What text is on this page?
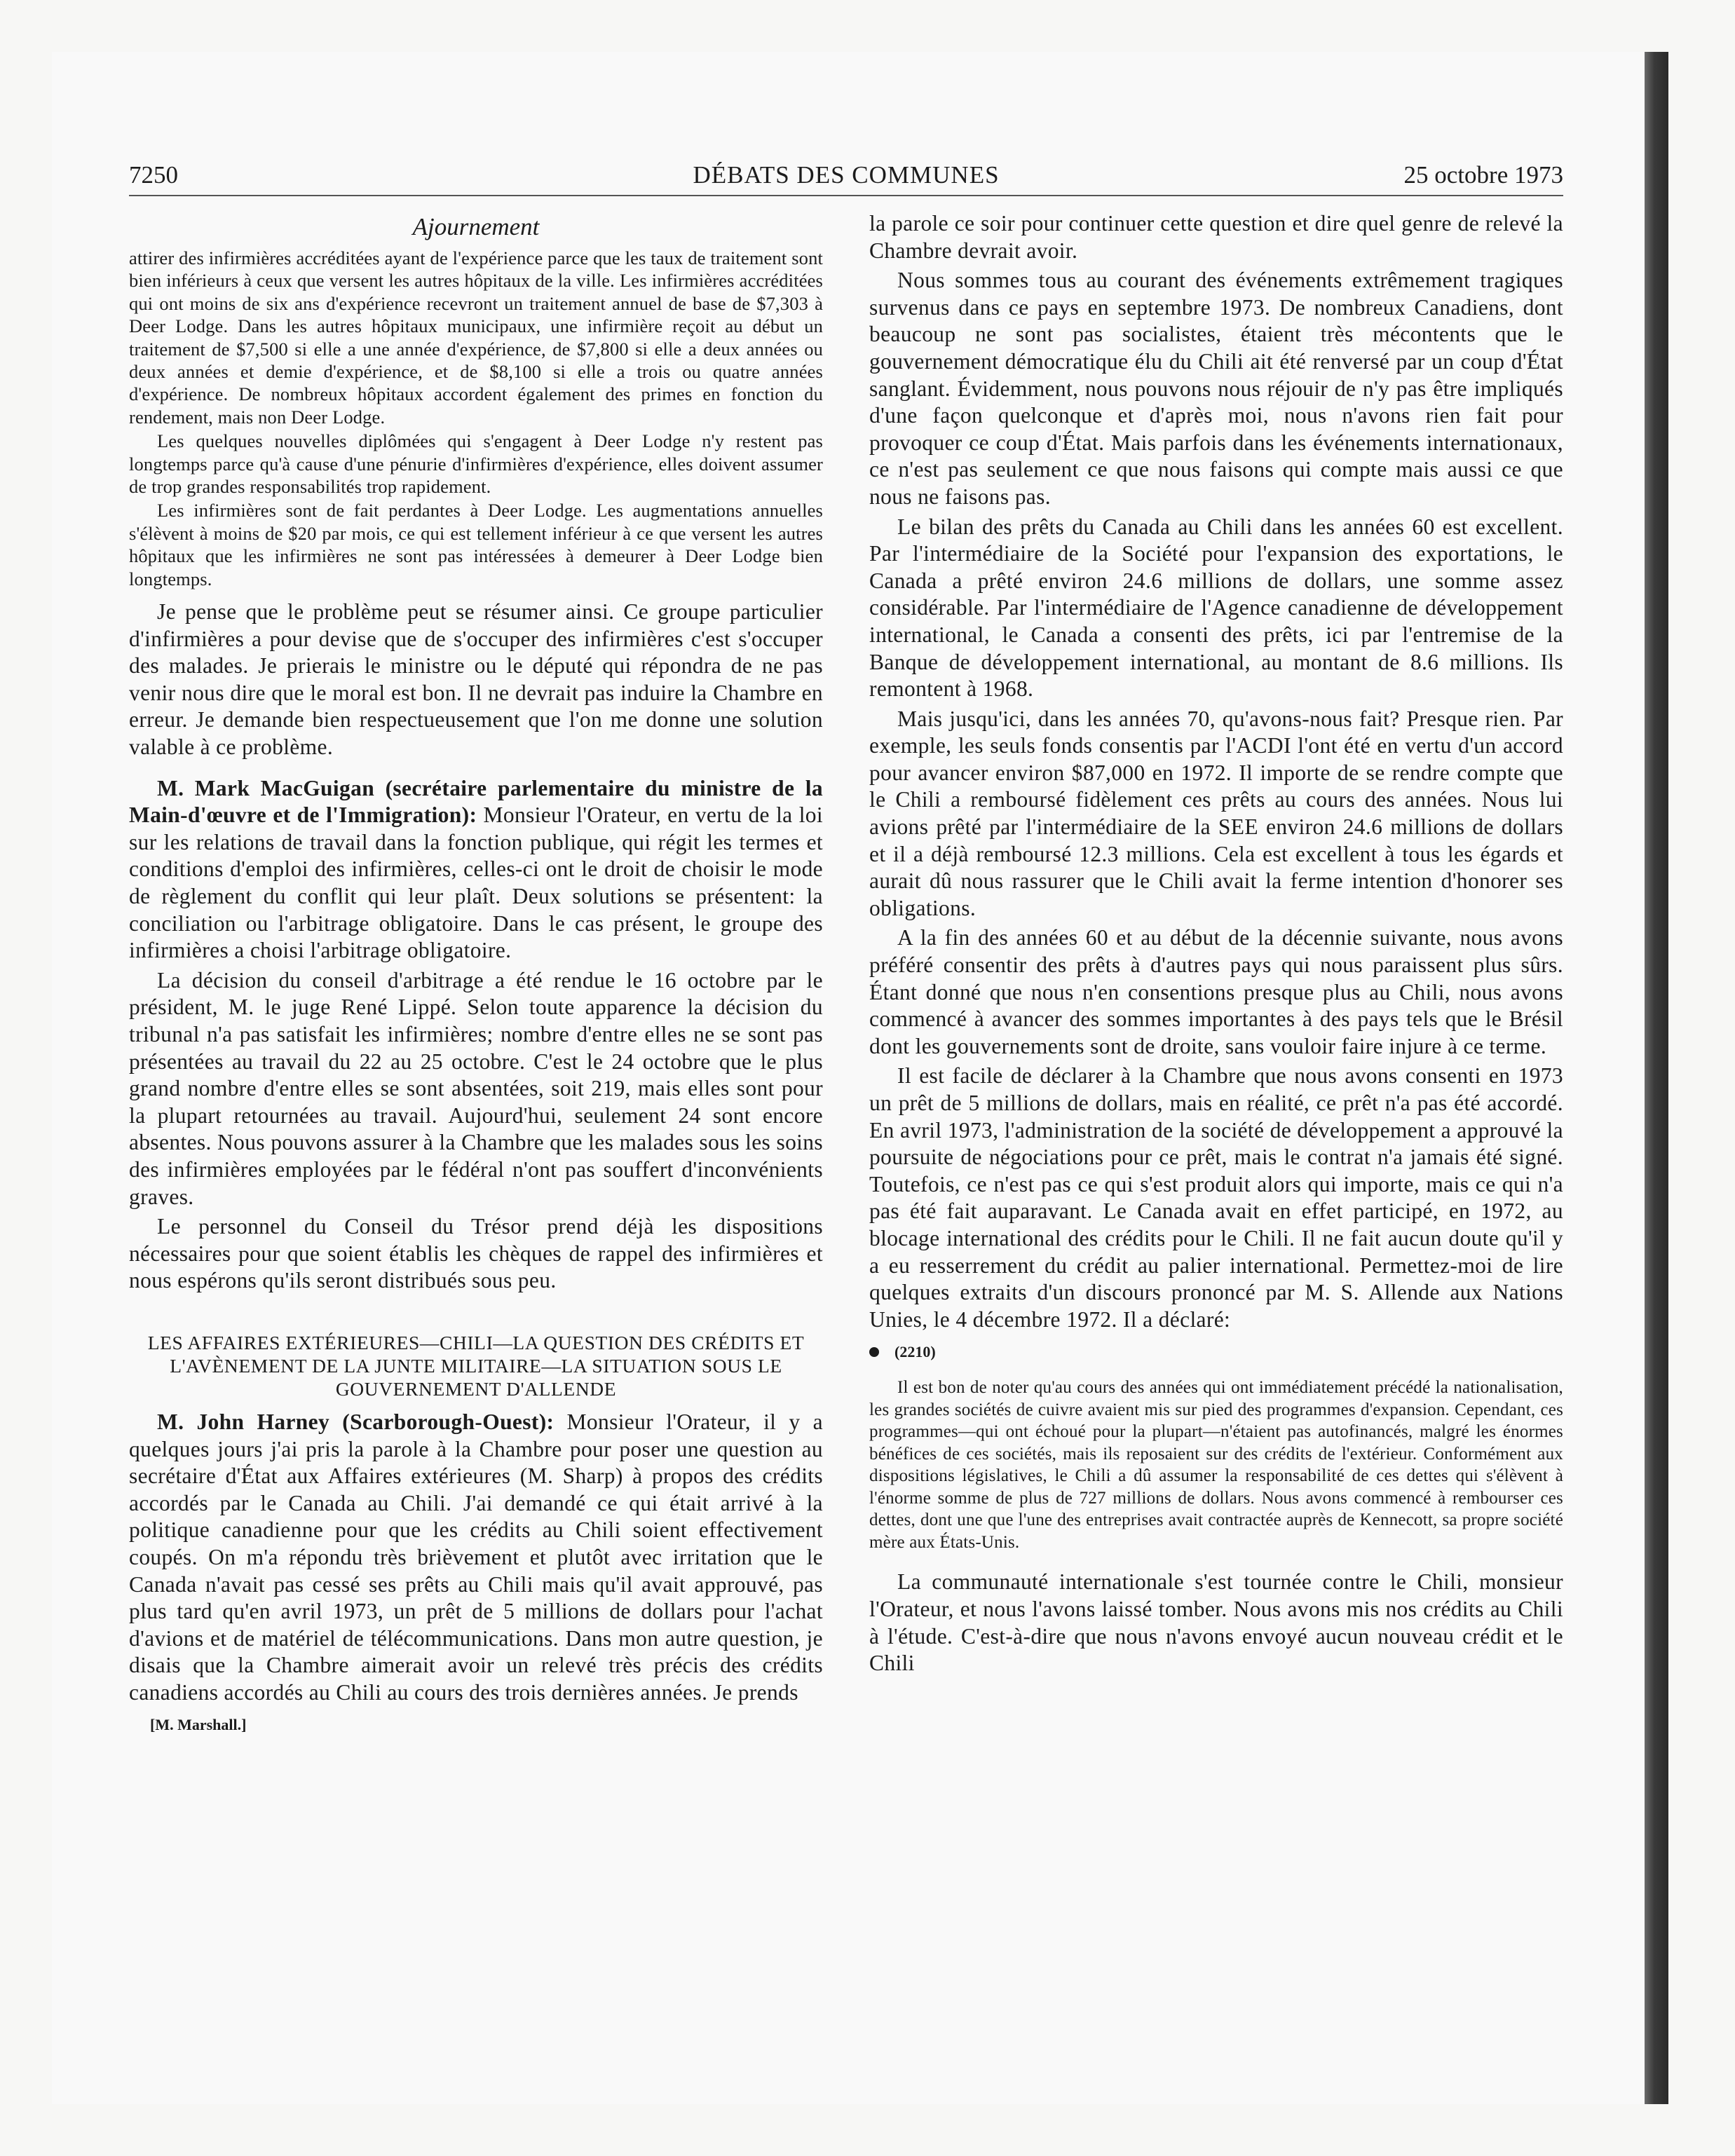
7250	DÉBATS DES COMMUNES	25 octobre 1973
Ajournement

attirer des infirmières accréditées ayant de l'expérience parce que les taux de traitement sont bien inférieurs à ceux que versent les autres hôpitaux de la ville. Les infirmières accréditées qui ont moins de six ans d'expérience recevront un traitement annuel de base de $7,303 à Deer Lodge. Dans les autres hôpitaux municipaux, une infirmière reçoit au début un traitement de $7,500 si elle a une année d'expérience, de $7,800 si elle a deux années ou deux années et demie d'expérience, et de $8,100 si elle a trois ou quatre années d'expérience. De nombreux hôpitaux accordent également des primes en fonction du rendement, mais non Deer Lodge.

Les quelques nouvelles diplômées qui s'engagent à Deer Lodge n'y restent pas longtemps parce qu'à cause d'une pénurie d'infirmières d'expérience, elles doivent assumer de trop grandes responsabilités trop rapidement.

Les infirmières sont de fait perdantes à Deer Lodge. Les augmentations annuelles s'élèvent à moins de $20 par mois, ce qui est tellement inférieur à ce que versent les autres hôpitaux que les infirmières ne sont pas intéressées à demeurer à Deer Lodge bien longtemps.

Je pense que le problème peut se résumer ainsi. Ce groupe particulier d'infirmières a pour devise que de s'occuper des infirmières c'est s'occuper des malades. Je prierais le ministre ou le député qui répondra de ne pas venir nous dire que le moral est bon. Il ne devrait pas induire la Chambre en erreur. Je demande bien respectueusement que l'on me donne une solution valable à ce problème.

M. Mark MacGuigan (secrétaire parlementaire du ministre de la Main-d'œuvre et de l'Immigration): Monsieur l'Orateur, en vertu de la loi sur les relations de travail dans la fonction publique, qui régit les termes et conditions d'emploi des infirmières, celles-ci ont le droit de choisir le mode de règlement du conflit qui leur plaît. Deux solutions se présentent: la conciliation ou l'arbitrage obligatoire. Dans le cas présent, le groupe des infirmières a choisi l'arbitrage obligatoire.

La décision du conseil d'arbitrage a été rendue le 16 octobre par le président, M. le juge René Lippé. Selon toute apparence la décision du tribunal n'a pas satisfait les infirmières; nombre d'entre elles ne se sont pas présentées au travail du 22 au 25 octobre. C'est le 24 octobre que le plus grand nombre d'entre elles se sont absentées, soit 219, mais elles sont pour la plupart retournées au travail. Aujourd'hui, seulement 24 sont encore absentes. Nous pouvons assurer à la Chambre que les malades sous les soins des infirmières employées par le fédéral n'ont pas souffert d'inconvénients graves.

Le personnel du Conseil du Trésor prend déjà les dispositions nécessaires pour que soient établis les chèques de rappel des infirmières et nous espérons qu'ils seront distribués sous peu.

LES AFFAIRES EXTÉRIEURES—CHILI—LA QUESTION DES CRÉDITS ET L'AVÈNEMENT DE LA JUNTE MILITAIRE—LA SITUATION SOUS LE GOUVERNEMENT D'ALLENDE

M. John Harney (Scarborough-Ouest): Monsieur l'Orateur, il y a quelques jours j'ai pris la parole à la Chambre pour poser une question au secrétaire d'État aux Affaires extérieures (M. Sharp) à propos des crédits accordés par le Canada au Chili. J'ai demandé ce qui était arrivé à la politique canadienne pour que les crédits au Chili soient effectivement coupés. On m'a répondu très brièvement et plutôt avec irritation que le Canada n'avait pas cessé ses prêts au Chili mais qu'il avait approuvé, pas plus tard qu'en avril 1973, un prêt de 5 millions de dollars pour l'achat d'avions et de matériel de télécommunications. Dans mon autre question, je disais que la Chambre aimerait avoir un relevé très précis des crédits canadiens accordés au Chili au cours des trois dernières années. Je prends

[M. Marshall.]

la parole ce soir pour continuer cette question et dire quel genre de relevé la Chambre devrait avoir.

Nous sommes tous au courant des événements extrêmement tragiques survenus dans ce pays en septembre 1973. De nombreux Canadiens, dont beaucoup ne sont pas socialistes, étaient très mécontents que le gouvernement démocratique élu du Chili ait été renversé par un coup d'État sanglant. Évidemment, nous pouvons nous réjouir de n'y pas être impliqués d'une façon quelconque et d'après moi, nous n'avons rien fait pour provoquer ce coup d'État. Mais parfois dans les événements internationaux, ce n'est pas seulement ce que nous faisons qui compte mais aussi ce que nous ne faisons pas.

Le bilan des prêts du Canada au Chili dans les années 60 est excellent. Par l'intermédiaire de la Société pour l'expansion des exportations, le Canada a prêté environ 24.6 millions de dollars, une somme assez considérable. Par l'intermédiaire de l'Agence canadienne de développement international, le Canada a consenti des prêts, ici par l'entremise de la Banque de développement international, au montant de 8.6 millions. Ils remontent à 1968.

Mais jusqu'ici, dans les années 70, qu'avons-nous fait? Presque rien. Par exemple, les seuls fonds consentis par l'ACDI l'ont été en vertu d'un accord pour avancer environ $87,000 en 1972. Il importe de se rendre compte que le Chili a remboursé fidèlement ces prêts au cours des années. Nous lui avions prêté par l'intermédiaire de la SEE environ 24.6 millions de dollars et il a déjà remboursé 12.3 millions. Cela est excellent à tous les égards et aurait dû nous rassurer que le Chili avait la ferme intention d'honorer ses obligations.

A la fin des années 60 et au début de la décennie suivante, nous avons préféré consentir des prêts à d'autres pays qui nous paraissent plus sûrs. Étant donné que nous n'en consentions presque plus au Chili, nous avons commencé à avancer des sommes importantes à des pays tels que le Brésil dont les gouvernements sont de droite, sans vouloir faire injure à ce terme.

Il est facile de déclarer à la Chambre que nous avons consenti en 1973 un prêt de 5 millions de dollars, mais en réalité, ce prêt n'a pas été accordé. En avril 1973, l'administration de la société de développement a approuvé la poursuite de négociations pour ce prêt, mais le contrat n'a jamais été signé. Toutefois, ce n'est pas ce qui s'est produit alors qui importe, mais ce qui n'a pas été fait auparavant. Le Canada avait en effet participé, en 1972, au blocage international des crédits pour le Chili. Il ne fait aucun doute qu'il y a eu resserrement du crédit au palier international. Permettez-moi de lire quelques extraits d'un discours prononcé par M. S. Allende aux Nations Unies, le 4 décembre 1972. Il a déclaré:

(2210)
Il est bon de noter qu'au cours des années qui ont immédiatement précédé la nationalisation, les grandes sociétés de cuivre avaient mis sur pied des programmes d'expansion. Cependant, ces programmes—qui ont échoué pour la plupart—n'étaient pas autofinancés, malgré les énormes bénéfices de ces sociétés, mais ils reposaient sur des crédits de l'extérieur. Conformément aux dispositions législatives, le Chili a dû assumer la responsabilité de ces dettes qui s'élèvent à l'énorme somme de plus de 727 millions de dollars. Nous avons commencé à rembourser ces dettes, dont une que l'une des entreprises avait contractée auprès de Kennecott, sa propre société mère aux États-Unis.

La communauté internationale s'est tournée contre le Chili, monsieur l'Orateur, et nous l'avons laissé tomber. Nous avons mis nos crédits au Chili à l'étude. C'est-à-dire que nous n'avons envoyé aucun nouveau crédit et le Chili
